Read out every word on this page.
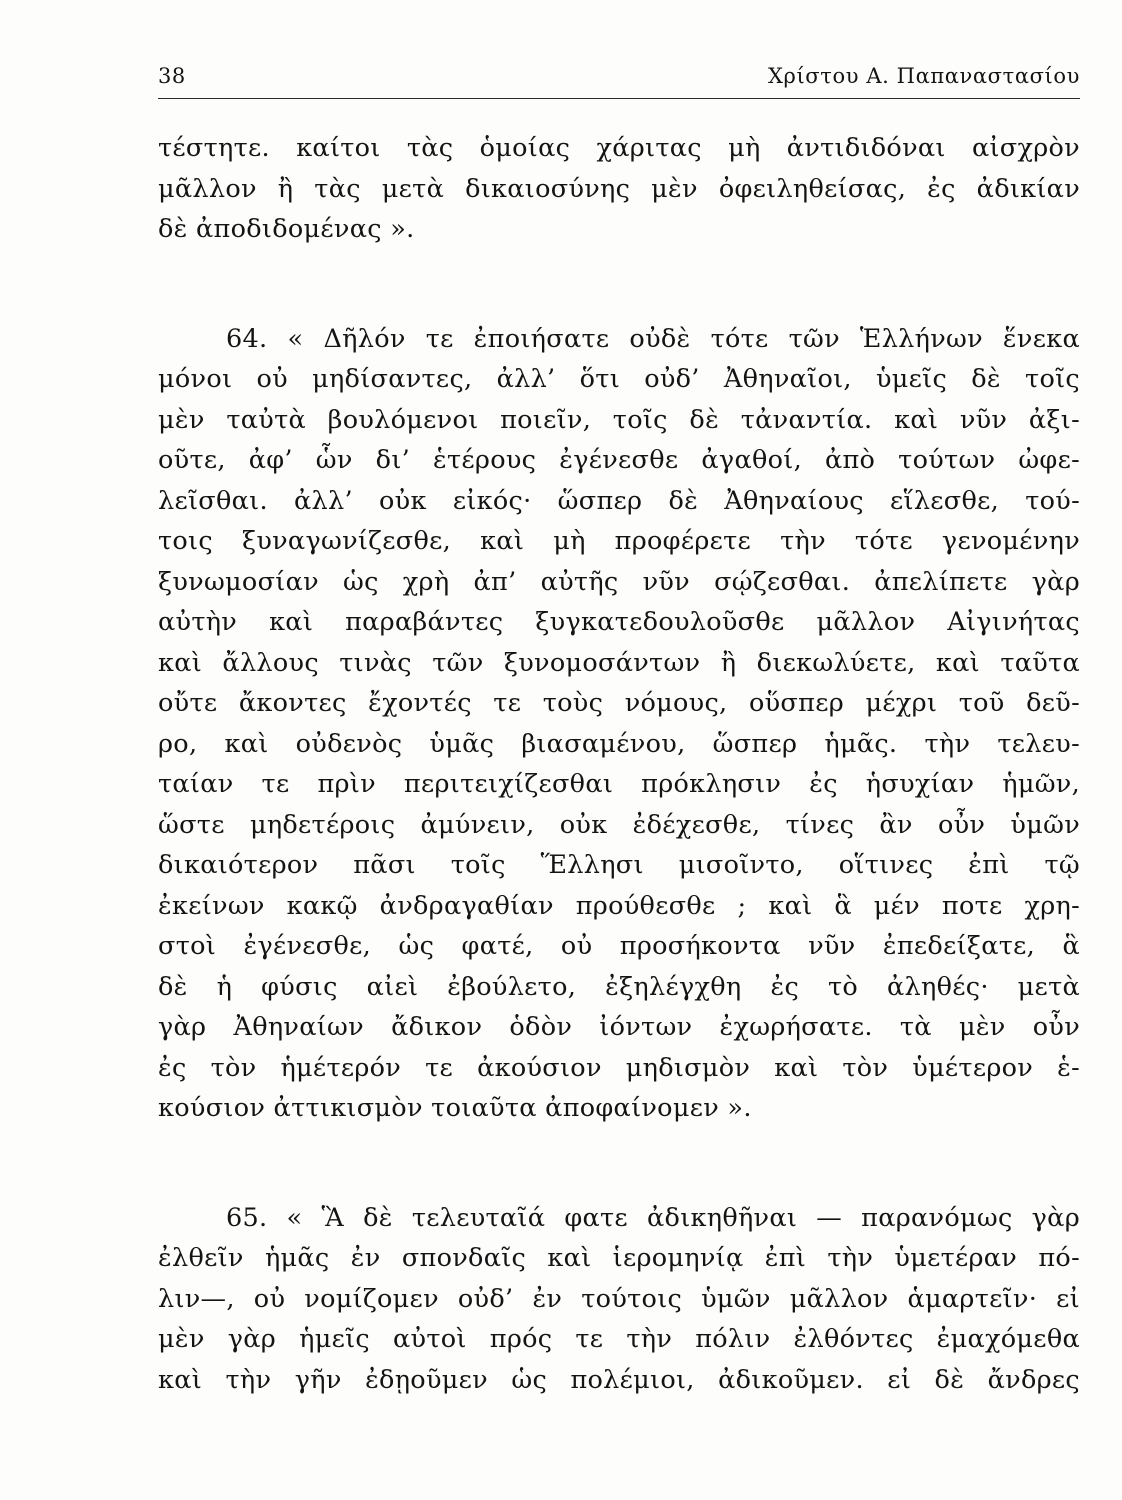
38	Χρίστου Α. Παπαναστασίου
τέστητε. καίτοι τὰς ὁμοίας χάριτας μὴ ἀντιδιδόναι αἰσχρὸν
μᾶλλον ἢ τὰς μετὰ δικαιοσύνης μὲν ὀφειληθείσας, ἐς ἀδικίαν
δὲ ἀποδιδομένας ».
64. « Δῆλόν τε ἐποιήσατε οὐδὲ τότε τῶν Ἑλλήνων ἕνεκα
μόνοι οὐ μηδίσαντες, ἀλλ’ ὅτι οὐδ’ Ἀθηναῖοι, ὑμεῖς δὲ τοῖς
μὲν ταὐτὰ βουλόμενοι ποιεῖν, τοῖς δὲ τἀναντία. καὶ νῦν ἀξι-
οῦτε, ἀφ’ ὧν δι’ ἑτέρους ἐγένεσθε ἀγαθοί, ἀπὸ τούτων ὠφε-
λεῖσθαι. ἀλλ’ οὐκ εἰκός· ὥσπερ δὲ Ἀθηναίους εἵλεσθε, τού-
τοις ξυναγωνίζεσθε, καὶ μὴ προφέρετε τὴν τότε γενομένην
ξυνωμοσίαν ὡς χρὴ ἀπ’ αὐτῆς νῦν σῴζεσθαι. ἀπελίπετε γὰρ
αὐτὴν καὶ παραβάντες ξυγκατεδουλοῦσθε μᾶλλον Αἰγινήτας
καὶ ἄλλους τινὰς τῶν ξυνομοσάντων ἢ διεκωλύετε, καὶ ταῦτα
οὔτε ἄκοντες ἔχοντές τε τοὺς νόμους, οὕσπερ μέχρι τοῦ δεῦ-
ρο, καὶ οὐδενὸς ὑμᾶς βιασαμένου, ὥσπερ ἡμᾶς. τὴν τελευ-
ταίαν τε πρὶν περιτειχίζεσθαι πρόκλησιν ἐς ἡσυχίαν ἡμῶν,
ὥστε μηδετέροις ἀμύνειν, οὐκ ἐδέχεσθε, τίνες ἂν οὖν ὑμῶν
δικαιότερον πᾶσι τοῖς Ἕλλησι μισοῖντο, οἵτινες ἐπὶ τῷ
ἐκείνων κακῷ ἀνδραγαθίαν προύθεσθε ; καὶ ἃ μέν ποτε χρη-
στοὶ ἐγένεσθε, ὡς φατέ, οὐ προσήκοντα νῦν ἐπεδείξατε, ἃ
δὲ ἡ φύσις αἰεὶ ἐβούλετο, ἐξηλέγχθη ἐς τὸ ἀληθές· μετὰ
γὰρ Ἀθηναίων ἄδικον ὁδὸν ἰόντων ἐχωρήσατε. τὰ μὲν οὖν
ἐς τὸν ἡμέτερόν τε ἀκούσιον μηδισμὸν καὶ τὸν ὑμέτερον ἑ-
κούσιον ἀττικισμὸν τοιαῦτα ἀποφαίνομεν ».
65. « Ἃ δὲ τελευταῖά φατε ἀδικηθῆναι — παρανόμως γὰρ
ἐλθεῖν ἡμᾶς ἐν σπονδαῖς καὶ ἱερομηνίᾳ ἐπὶ τὴν ὑμετέραν πό-
λιν—, οὐ νομίζομεν οὐδ’ ἐν τούτοις ὑμῶν μᾶλλον ἁμαρτεῖν· εἰ
μὲν γὰρ ἡμεῖς αὐτοὶ πρός τε τὴν πόλιν ἐλθόντες ἐμαχόμεθα
καὶ τὴν γῆν ἐδῃοῦμεν ὡς πολέμιοι, ἀδικοῦμεν. εἰ δὲ ἄνδρες
